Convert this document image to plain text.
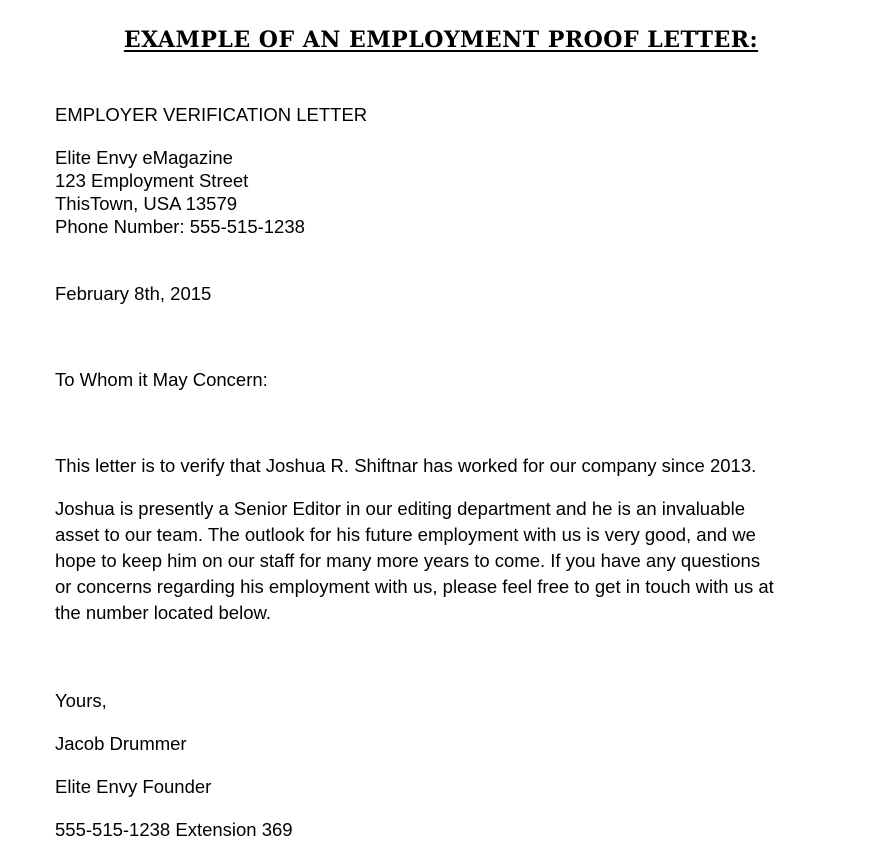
EXAMPLE OF AN EMPLOYMENT PROOF LETTER:
EMPLOYER VERIFICATION LETTER
Elite Envy eMagazine
123 Employment Street
ThisTown, USA 13579
Phone Number: 555-515-1238
February 8th, 2015
To Whom it May Concern:
This letter is to verify that Joshua R. Shiftnar has worked for our company since 2013.
Joshua is presently a Senior Editor in our editing department and he is an invaluable
asset to our team. The outlook for his future employment with us is very good, and we
hope to keep him on our staff for many more years to come. If you have any questions
or concerns regarding his employment with us, please feel free to get in touch with us at
the number located below.
Yours,
Jacob Drummer
Elite Envy Founder
555-515-1238 Extension 369
